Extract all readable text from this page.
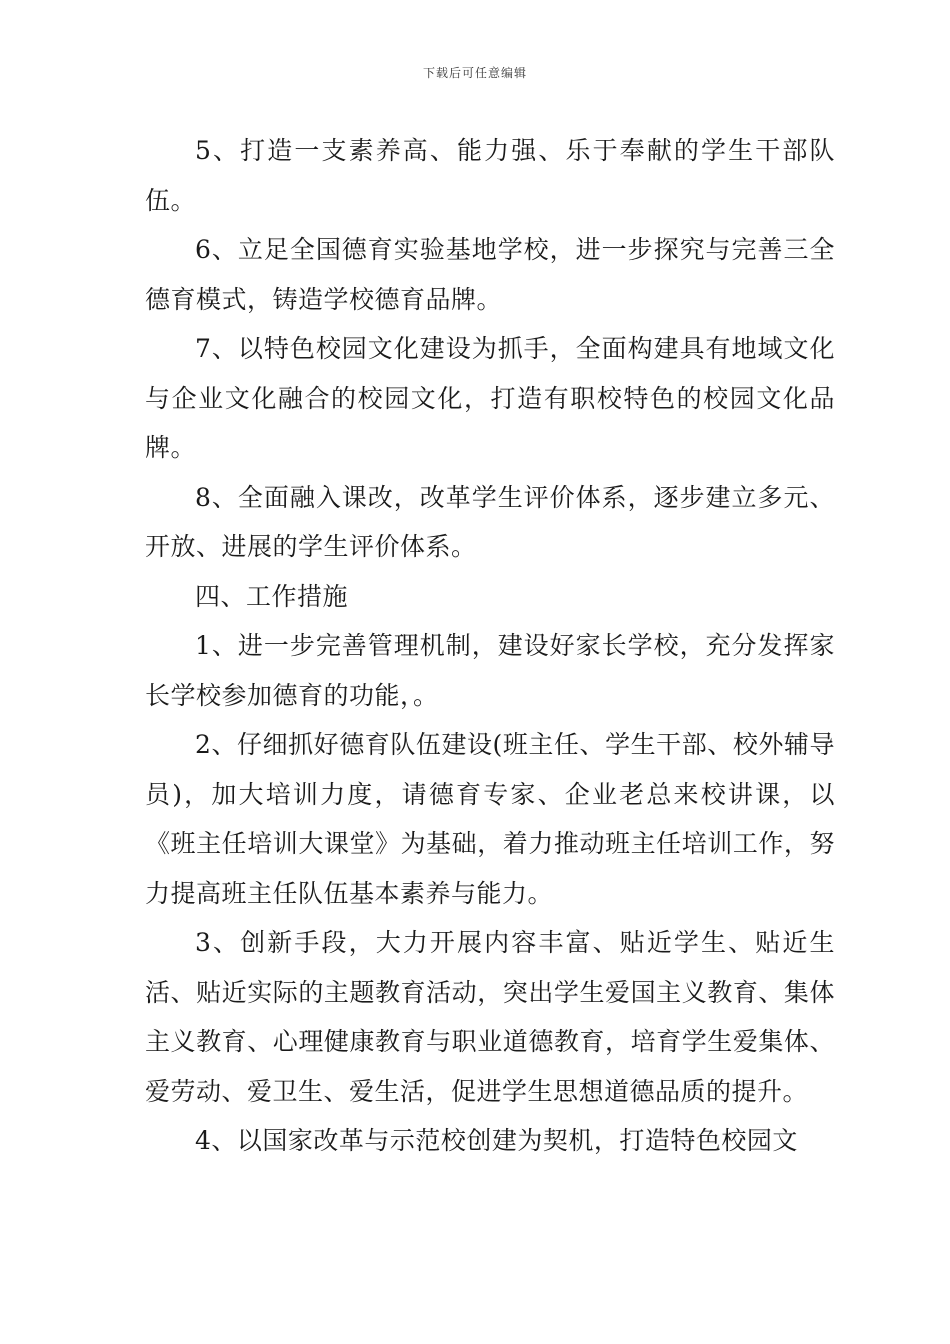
下载后可任意编辑

5、打造一支素养高、能力强、乐于奉献的学生干部队伍。

6、立足全国德育实验基地学校，进一步探究与完善三全德育模式，铸造学校德育品牌。

7、以特色校园文化建设为抓手，全面构建具有地域文化与企业文化融合的校园文化，打造有职校特色的校园文化品牌。

8、全面融入课改，改革学生评价体系，逐步建立多元、开放、进展的学生评价体系。

四、工作措施

1、进一步完善管理机制，建设好家长学校，充分发挥家长学校参加德育的功能，。

2、仔细抓好德育队伍建设(班主任、学生干部、校外辅导员)，加大培训力度，请德育专家、企业老总来校讲课，以《班主任培训大课堂》为基础，着力推动班主任培训工作，努力提高班主任队伍基本素养与能力。

3、创新手段，大力开展内容丰富、贴近学生、贴近生活、贴近实际的主题教育活动，突出学生爱国主义教育、集体主义教育、心理健康教育与职业道德教育，培育学生爱集体、爱劳动、爱卫生、爱生活，促进学生思想道德品质的提升。

4、以国家改革与示范校创建为契机，打造特色校园文
